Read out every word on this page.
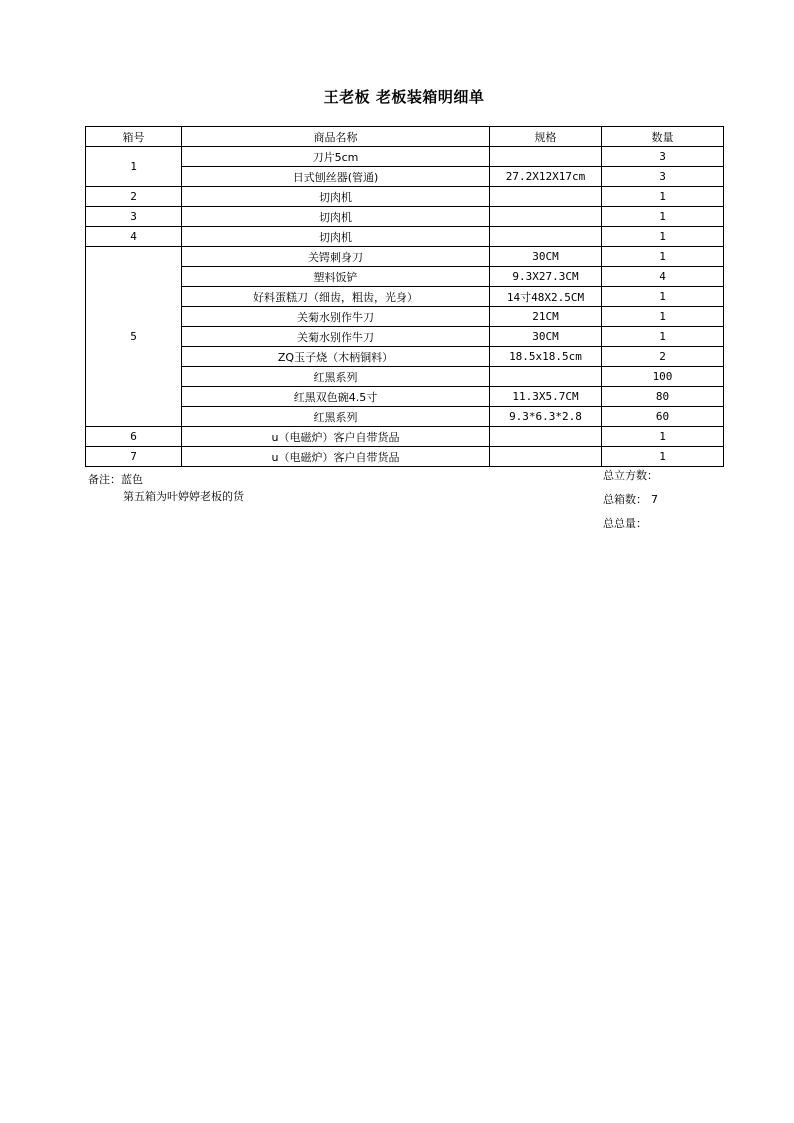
王老板 老板装箱明细单
箱号	商品名称	规格	数量
1	刀片5cm		3
	日式刨丝器(管通)	27.2X12X17cm	3
2	切肉机		1
3	切肉机		1
4	切肉机		1
5	关锷刺身刀	30CM	1
	塑料饭铲	9.3X27.3CM	4
	好料蛋糕刀（细齿，粗齿，光身）	14寸48X2.5CM	1
	关菊水别作牛刀	21CM	1
	关菊水别作牛刀	30CM	1
	ZQ玉子烧（木柄铜料）	18.5x18.5cm	2
	红黑系列		100
	红黑双色碗4.5寸	11.3X5.7CM	80
	红黑系列	9.3*6.3*2.8	60
6	u（电磁炉）客户自带货品		1
7	u（电磁炉）客户自带货品		1
备注：蓝色
第五箱为叶婷婷老板的货
总立方数：
总箱数： 7
总总量：
